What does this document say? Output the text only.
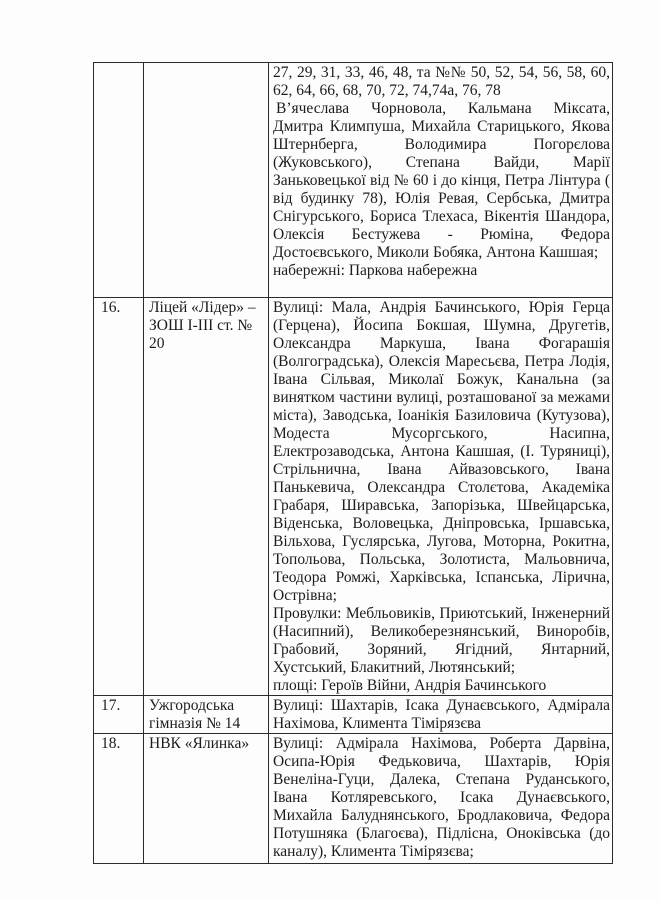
		27, 29, 31, 33, 46, 48, та №№ 50, 52, 54, 56, 58, 60, 62, 64, 66, 68, 70, 72, 74,74а, 76, 78

В’ячеслава Чорновола, Кальмана Міксата, Дмитра Климпуша, Михайла Старицького, Якова Штернберга, Володимира Погорєлова (Жуковського), Степана Вайди, Марії Заньковецької від № 60 і до кінця, Петра Лінтура ( від будинку 78), Юлія Ревая, Сербська, Дмитра Снігурського, Бориса Тлехаса, Вікентія Шандора, Олексія Бестужева - Рюміна, Федора Достоєвського, Миколи Бобяка, Антона Кашшая;

набережні: Паркова набережна

16.	Ліцей «Лідер» – ЗОШ І-ІІІ ст. № 20	Вулиці: Мала, Андрія Бачинського, Юрія Герца (Герцена), Йосипа Бокшая, Шумна, Другетів, Олександра Маркуша, Івана Фогарашія (Волгоградська), Олексія Маресьєва, Петра Лодія, Івана Сільвая, Миколаї Божук, Канальна (за винятком частини вулиці, розташованої за межами міста), Заводська, Іоанікія Базиловича (Кутузова), Модеста Мусоргського, Насипна, Електрозаводська, Антона Кашшая, (І. Туряниці), Стрільнична, Івана Айвазовського, Івана Панькевича, Олександра Столєтова, Академіка Грабаря, Ширавська, Запорізька, Швейцарська, Віденська, Воловецька, Дніпровська, Іршавська, Вільхова, Гуслярська, Лугова, Моторна, Рокитна, Топольова, Польська, Золотиста, Мальовнича, Теодора Ромжі, Харківська, Іспанська, Лірична, Острівна;

Провулки: Мебльовиків, Приютський, Інженерний (Насипний), Великоберезнянський, Виноробів, Грабовий, Зоряний, Ягідний, Янтарний, Хустський, Блакитний, Лютянський;

площі: Героїв Війни, Андрія Бачинського

17.	Ужгородська гімназія № 14	Вулиці: Шахтарів, Ісака Дунаєвського, Адмірала Нахімова, Климента Тімірязєва

18.	НВК «Ялинка»	Вулиці: Адмірала Нахімова, Роберта Дарвіна, Осипа-Юрія Федьковича, Шахтарів, Юрія Венеліна-Гуци, Далека, Степана Руданського, Івана Котляревського, Ісака Дунаєвського, Михайла Балуднянського, Бродлаковича, Федора Потушняка (Благоєва), Підлісна, Оноківська (до каналу), Климента Тімірязєва;
